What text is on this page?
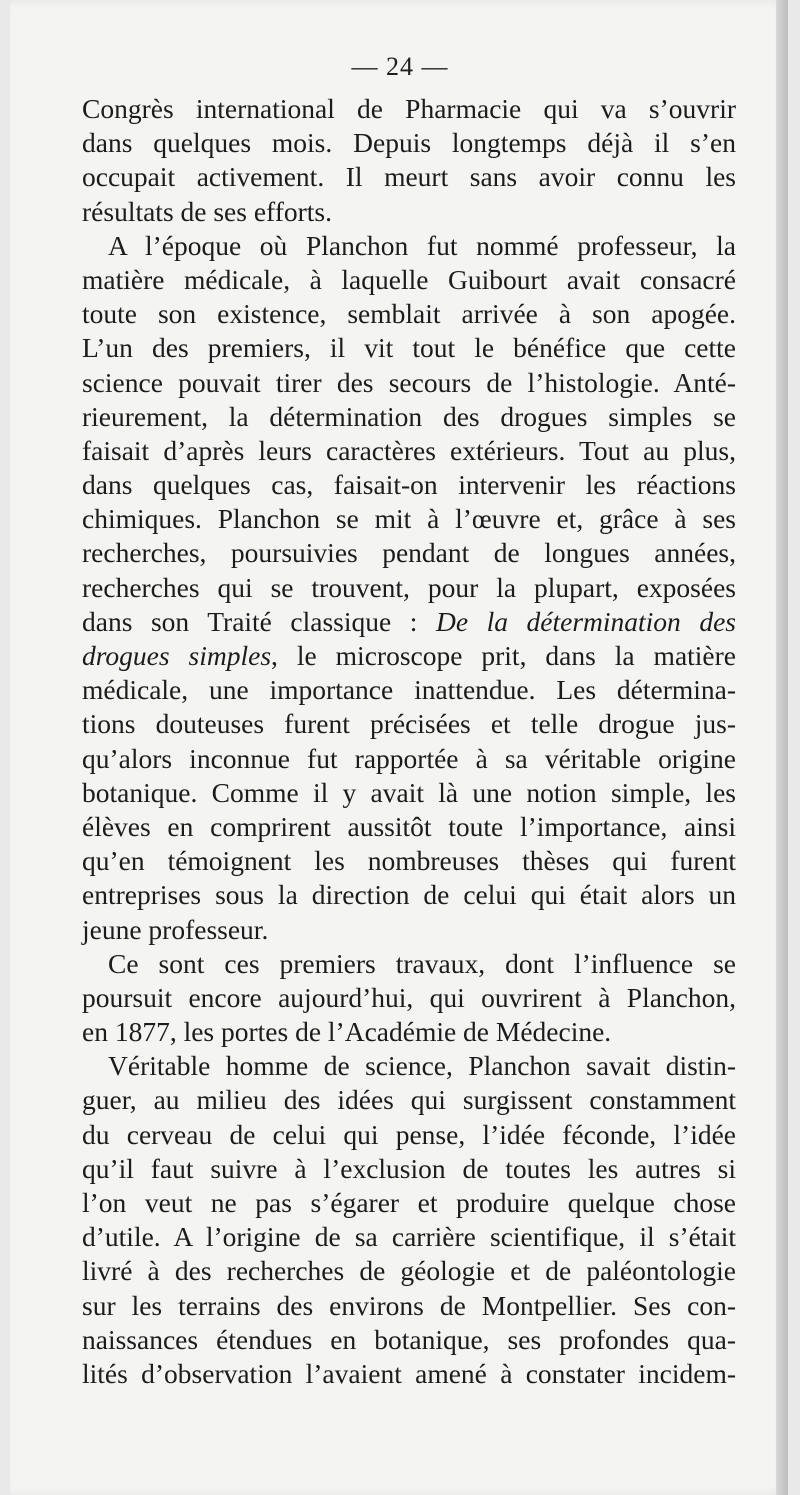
— 24 —
Congrès international de Pharmacie qui va s’ouvrir
dans quelques mois. Depuis longtemps déjà il s’en
occupait activement. Il meurt sans avoir connu les
résultats de ses efforts.
A l’époque où Planchon fut nommé professeur, la
matière médicale, à laquelle Guibourt avait consacré
toute son existence, semblait arrivée à son apogée.
L’un des premiers, il vit tout le bénéfice que cette
science pouvait tirer des secours de l’histologie. Anté-
rieurement, la détermination des drogues simples se
faisait d’après leurs caractères extérieurs. Tout au plus,
dans quelques cas, faisait-on intervenir les réactions
chimiques. Planchon se mit à l’œuvre et, grâce à ses
recherches, poursuivies pendant de longues années,
recherches qui se trouvent, pour la plupart, exposées
dans son Traité classique : De la détermination des
drogues simples, le microscope prit, dans la matière
médicale, une importance inattendue. Les détermina-
tions douteuses furent précisées et telle drogue jus-
qu’alors inconnue fut rapportée à sa véritable origine
botanique. Comme il y avait là une notion simple, les
élèves en comprirent aussitôt toute l’importance, ainsi
qu’en témoignent les nombreuses thèses qui furent
entreprises sous la direction de celui qui était alors un
jeune professeur.
Ce sont ces premiers travaux, dont l’influence se
poursuit encore aujourd’hui, qui ouvrirent à Planchon,
en 1877, les portes de l’Académie de Médecine.
Véritable homme de science, Planchon savait distin-
guer, au milieu des idées qui surgissent constamment
du cerveau de celui qui pense, l’idée féconde, l’idée
qu’il faut suivre à l’exclusion de toutes les autres si
l’on veut ne pas s’égarer et produire quelque chose
d’utile. A l’origine de sa carrière scientifique, il s’était
livré à des recherches de géologie et de paléontologie
sur les terrains des environs de Montpellier. Ses con-
naissances étendues en botanique, ses profondes qua-
lités d’observation l’avaient amené à constater incidem-
